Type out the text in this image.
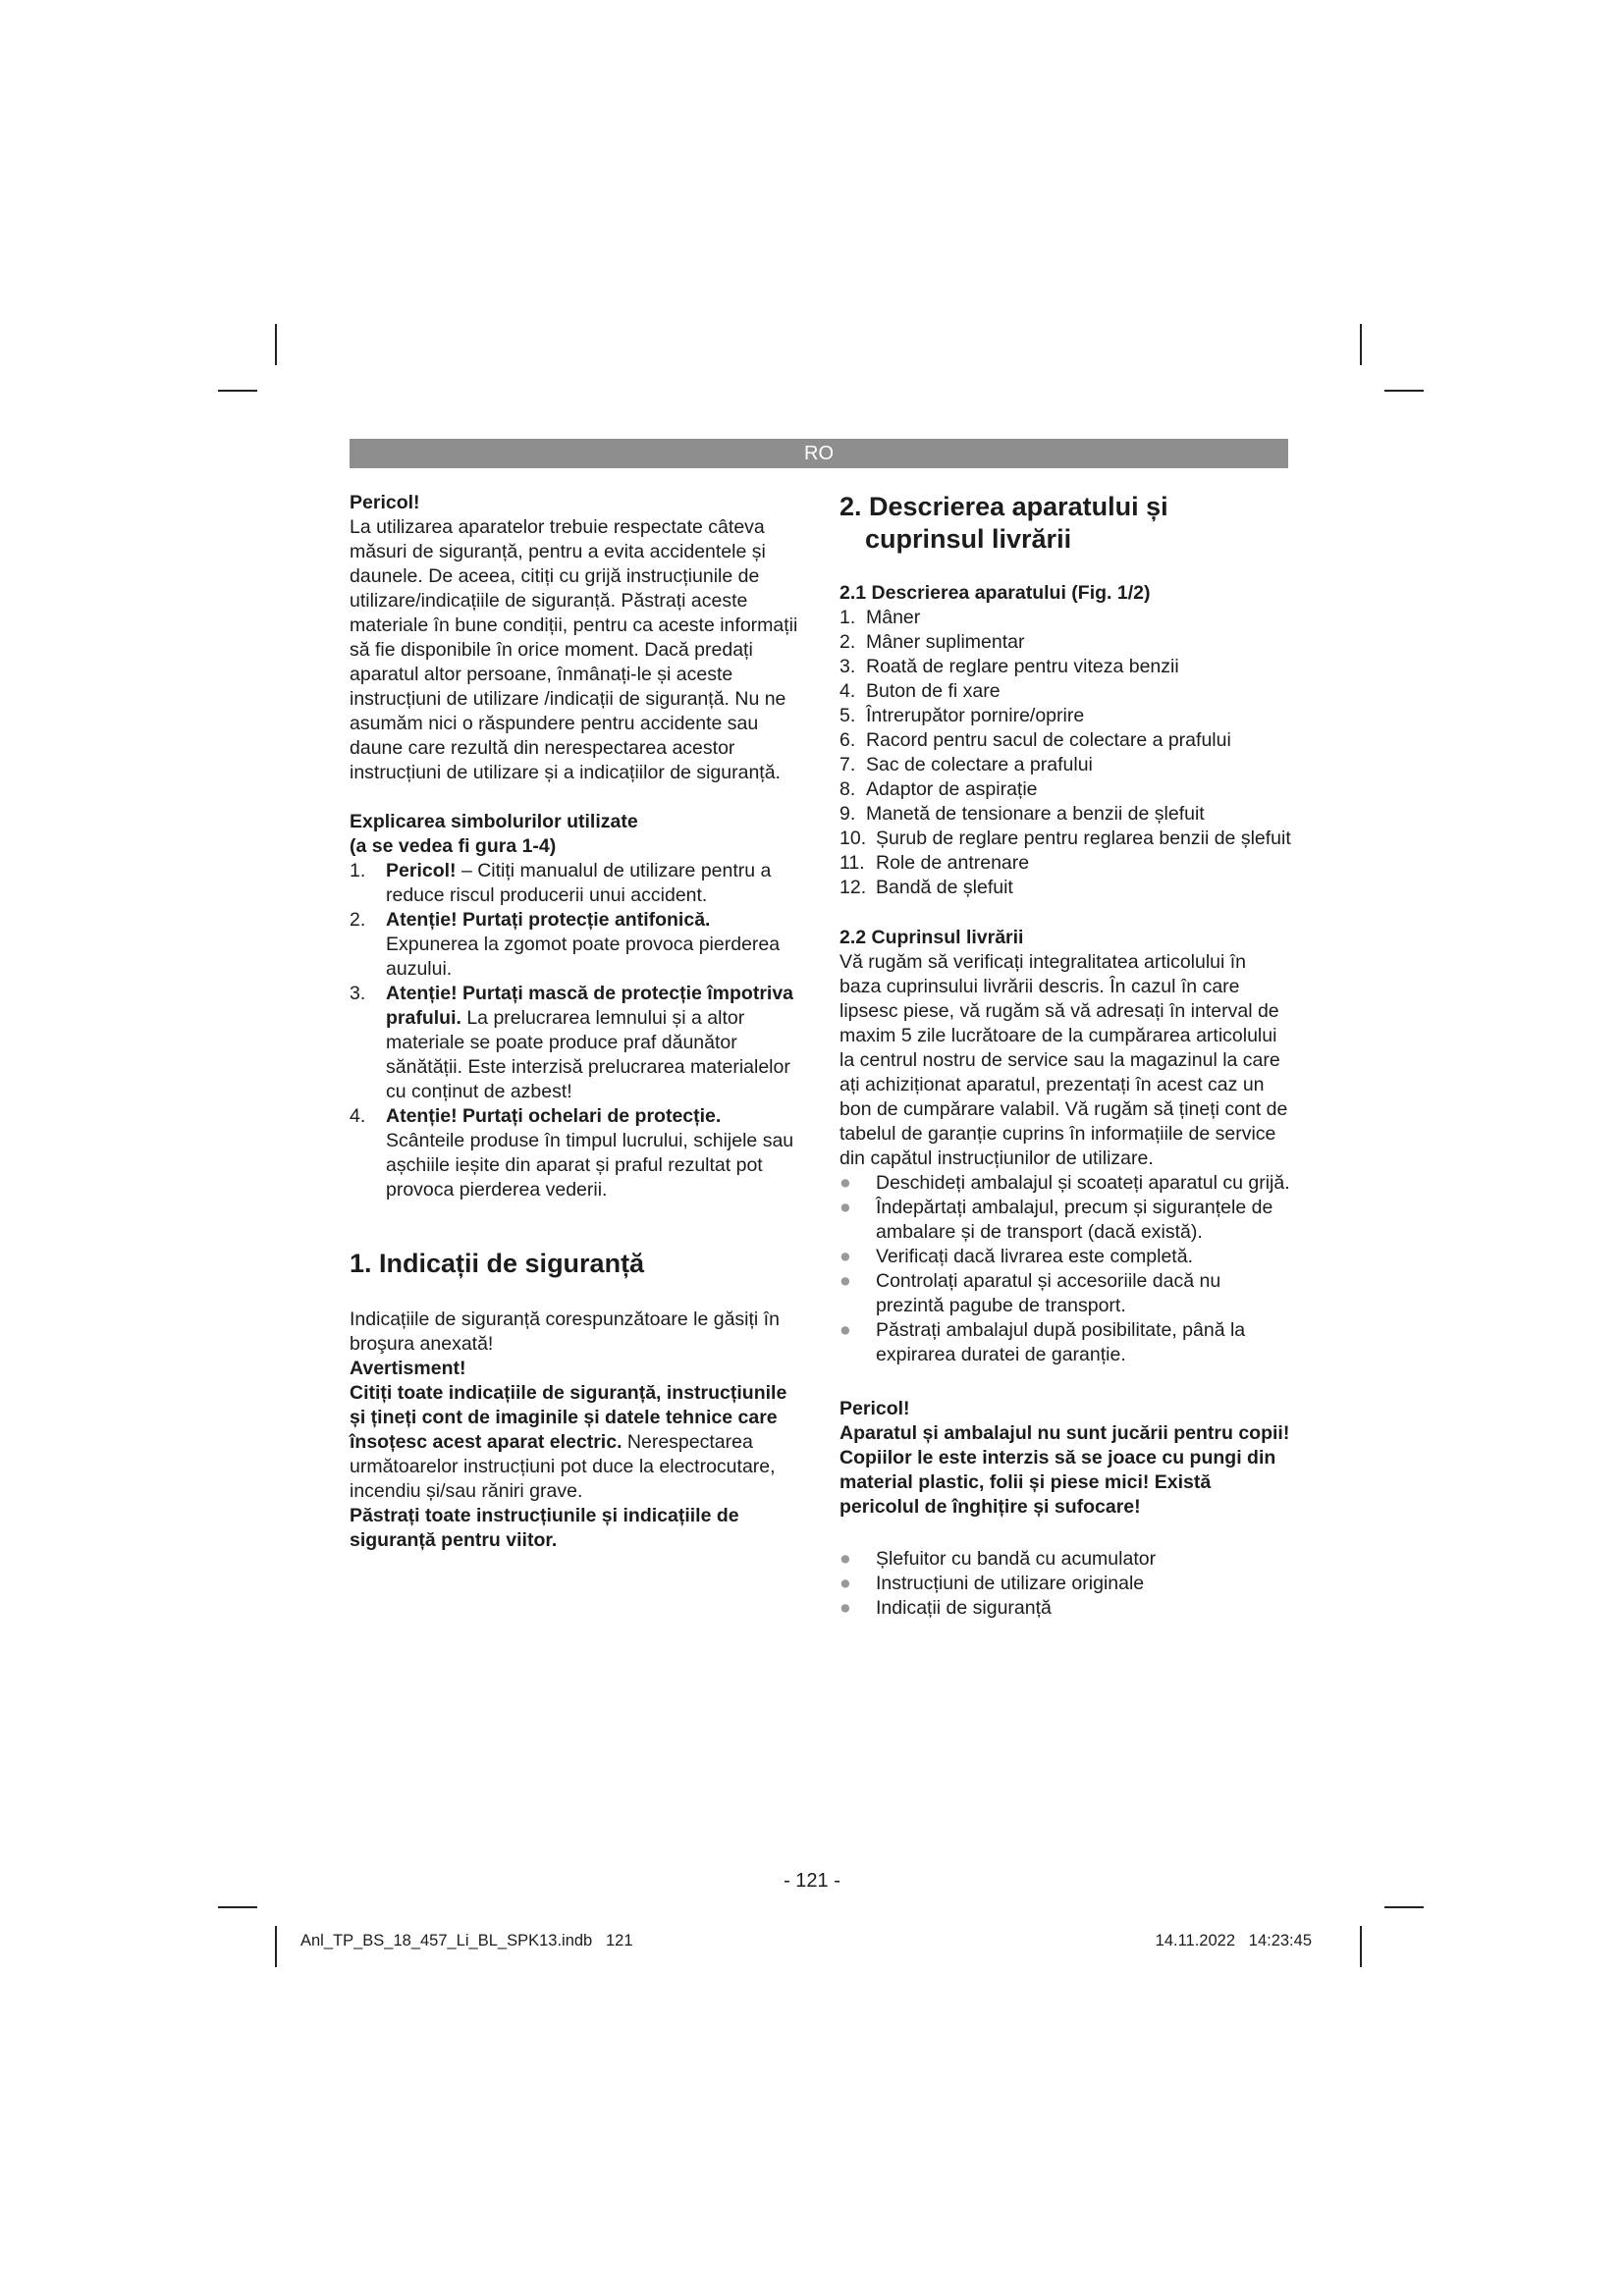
RO

Pericol!

La utilizarea aparatelor trebuie respectate câteva măsuri de siguranță, pentru a evita accidentele și daunele. De aceea, citiți cu grijă instrucțiunile de utilizare/indicațiile de siguranță. Păstrați aceste materiale în bune condiții, pentru ca aceste informații să fie disponibile în orice moment. Dacă predați aparatul altor persoane, înmânați-le și aceste instrucțiuni de utilizare /indicații de siguranță. Nu ne asumăm nici o răspundere pentru accidente sau daune care rezultă din nerespectarea acestor instrucțiuni de utilizare și a indicațiilor de siguranță.

Explicarea simbolurilor utilizate

(a se vedea fi gura 1-4)

1. Pericol! – Citiți manualul de utilizare pentru a reduce riscul producerii unui accident.
2. Atenție! Purtați protecție antifonică. Expunerea la zgomot poate provoca pierderea auzului.
3. Atenție! Purtați mască de protecție împotriva prafului. La prelucrarea lemnului și a altor materiale se poate produce praf dăunător sănătății. Este interzisă prelucrarea materialelor cu conținut de azbest!
4. Atenție! Purtați ochelari de protecție. Scânteile produse în timpul lucrului, schijele sau așchiile ieșite din aparat și praful rezultat pot provoca pierderea vederii.

1. Indicații de siguranță

Indicațiile de siguranță corespunzătoare le găsiți în broşura anexată!

Avertisment!

Citiți toate indicațiile de siguranță, instrucțiunile și țineți cont de imaginile și datele tehnice care însoțesc acest aparat electric. Nerespectarea următoarelor instrucțiuni pot duce la electrocutare, incendiu și/sau răniri grave.

Păstrați toate instrucțiunile și indicațiile de siguranță pentru viitor.

2. Descrierea aparatului și cuprinsul livrării

2.1 Descrierea aparatului (Fig. 1/2)

1. Mâner
2. Mâner suplimentar
3. Roată de reglare pentru viteza benzii
4. Buton de fi xare
5. Întrerupător pornire/oprire
6. Racord pentru sacul de colectare a prafului
7. Sac de colectare a prafului
8. Adaptor de aspirație
9. Manetă de tensionare a benzii de șlefuit
10. Șurub de reglare pentru reglarea benzii de șlefuit
11. Role de antrenare
12. Bandă de șlefuit

2.2 Cuprinsul livrării

Vă rugăm să verificați integralitatea articolului în baza cuprinsului livrării descris. În cazul în care lipsesc piese, vă rugăm să vă adresați în interval de maxim 5 zile lucrătoare de la cumpărarea articolului la centrul nostru de service sau la magazinul la care ați achiziționat aparatul, prezentați în acest caz un bon de cumpărare valabil. Vă rugăm să țineți cont de tabelul de garanție cuprins în informațiile de service din capătul instrucțiunilor de utilizare.

● Deschideți ambalajul și scoateți aparatul cu grijă.
● Îndepărtați ambalajul, precum și siguranțele de ambalare și de transport (dacă există).
● Verificați dacă livrarea este completă.
● Controlați aparatul și accesoriile dacă nu prezintă pagube de transport.
● Păstrați ambalajul după posibilitate, până la expirarea duratei de garanție.

Pericol!

Aparatul și ambalajul nu sunt jucării pentru copii! Copiilor le este interzis să se joace cu pungi din material plastic, folii și piese mici! Există pericolul de înghițire și sufocare!

● Șlefuitor cu bandă cu acumulator
● Instrucțiuni de utilizare originale
● Indicații de siguranță
- 121 -
Anl_TP_BS_18_457_Li_BL_SPK13.indb   121	14.11.2022   14:23:45
